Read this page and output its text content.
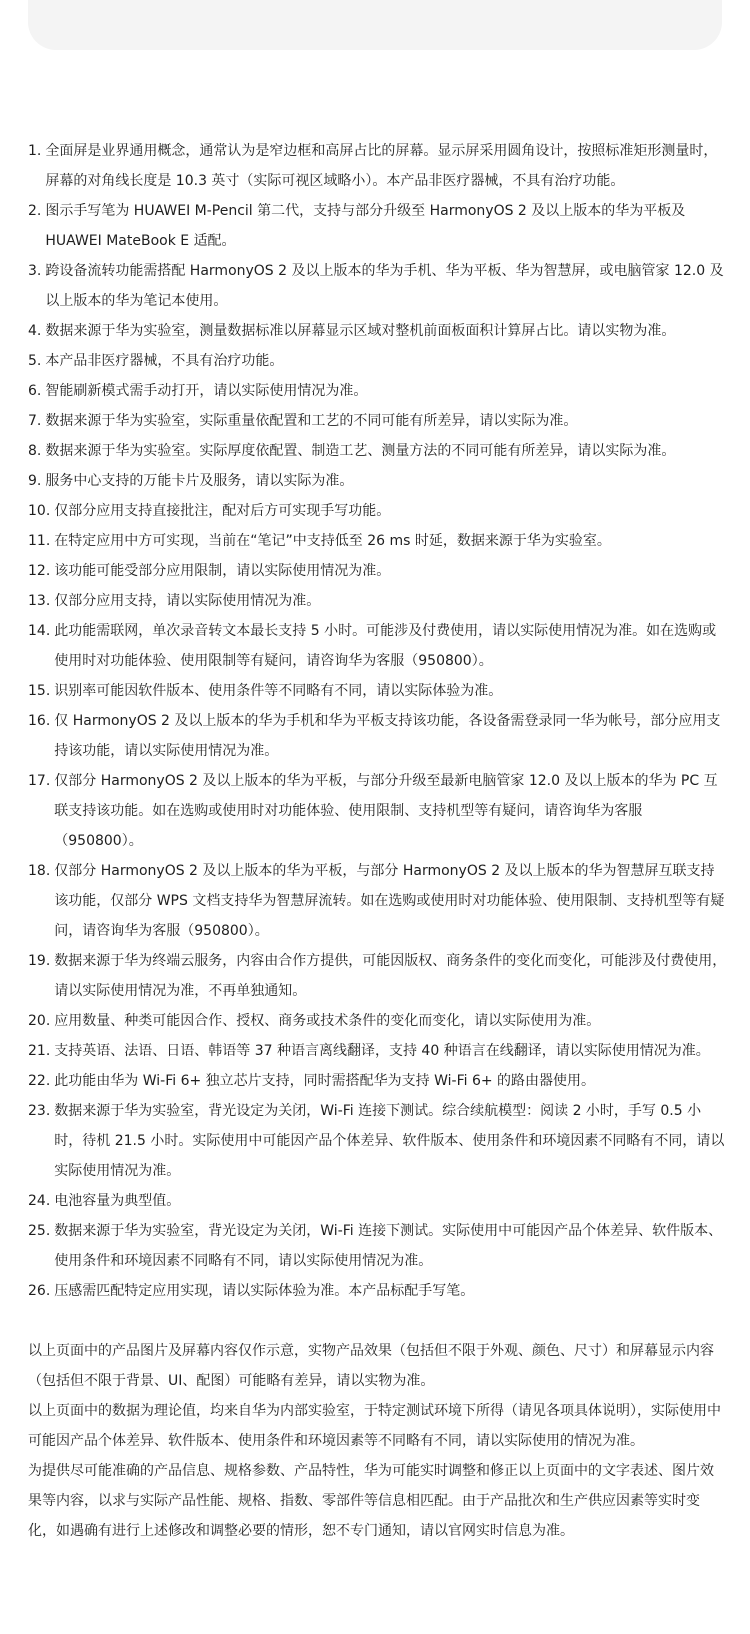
1. 全面屏是业界通用概念，通常认为是窄边框和高屏占比的屏幕。显示屏采用圆角设计，按照标准矩形测量时，屏幕的对角线长度是 10.3 英寸（实际可视区域略小）。本产品非医疗器械，不具有治疗功能。
2. 图示手写笔为 HUAWEI M-Pencil 第二代，支持与部分升级至 HarmonyOS 2 及以上版本的华为平板及 HUAWEI MateBook E 适配。
3. 跨设备流转功能需搭配 HarmonyOS 2 及以上版本的华为手机、华为平板、华为智慧屏，或电脑管家 12.0 及以上版本的华为笔记本使用。
4. 数据来源于华为实验室，测量数据标准以屏幕显示区域对整机前面板面积计算屏占比。请以实物为准。
5. 本产品非医疗器械，不具有治疗功能。
6. 智能刷新模式需手动打开，请以实际使用情况为准。
7. 数据来源于华为实验室，实际重量依配置和工艺的不同可能有所差异，请以实际为准。
8. 数据来源于华为实验室。实际厚度依配置、制造工艺、测量方法的不同可能有所差异，请以实际为准。
9. 服务中心支持的万能卡片及服务，请以实际为准。
10. 仅部分应用支持直接批注，配对后方可实现手写功能。
11. 在特定应用中方可实现，当前在“笔记”中支持低至 26 ms 时延，数据来源于华为实验室。
12. 该功能可能受部分应用限制，请以实际使用情况为准。
13. 仅部分应用支持，请以实际使用情况为准。
14. 此功能需联网，单次录音转文本最长支持 5 小时。可能涉及付费使用，请以实际使用情况为准。如在选购或使用时对功能体验、使用限制等有疑问，请咨询华为客服（950800）。
15. 识别率可能因软件版本、使用条件等不同略有不同，请以实际体验为准。
16. 仅 HarmonyOS 2 及以上版本的华为手机和华为平板支持该功能，各设备需登录同一华为帐号，部分应用支持该功能，请以实际使用情况为准。
17. 仅部分 HarmonyOS 2 及以上版本的华为平板，与部分升级至最新电脑管家 12.0 及以上版本的华为 PC 互联支持该功能。如在选购或使用时对功能体验、使用限制、支持机型等有疑问，请咨询华为客服（950800）。
18. 仅部分 HarmonyOS 2 及以上版本的华为平板，与部分 HarmonyOS 2 及以上版本的华为智慧屏互联支持该功能，仅部分 WPS 文档支持华为智慧屏流转。如在选购或使用时对功能体验、使用限制、支持机型等有疑问，请咨询华为客服（950800）。
19. 数据来源于华为终端云服务，内容由合作方提供，可能因版权、商务条件的变化而变化，可能涉及付费使用，请以实际使用情况为准，不再单独通知。
20. 应用数量、种类可能因合作、授权、商务或技术条件的变化而变化，请以实际使用为准。
21. 支持英语、法语、日语、韩语等 37 种语言离线翻译，支持 40 种语言在线翻译，请以实际使用情况为准。
22. 此功能由华为 Wi-Fi 6+ 独立芯片支持，同时需搭配华为支持 Wi-Fi 6+ 的路由器使用。
23. 数据来源于华为实验室，背光设定为关闭，Wi-Fi 连接下测试。综合续航模型：阅读 2 小时，手写 0.5 小时，待机 21.5 小时。实际使用中可能因产品个体差异、软件版本、使用条件和环境因素不同略有不同，请以实际使用情况为准。
24. 电池容量为典型值。
25. 数据来源于华为实验室，背光设定为关闭，Wi-Fi 连接下测试。实际使用中可能因产品个体差异、软件版本、使用条件和环境因素不同略有不同，请以实际使用情况为准。
26. 压感需匹配特定应用实现，请以实际体验为准。本产品标配手写笔。

以上页面中的产品图片及屏幕内容仅作示意，实物产品效果（包括但不限于外观、颜色、尺寸）和屏幕显示内容（包括但不限于背景、UI、配图）可能略有差异，请以实物为准。

以上页面中的数据为理论值，均来自华为内部实验室，于特定测试环境下所得（请见各项具体说明），实际使用中可能因产品个体差异、软件版本、使用条件和环境因素等不同略有不同，请以实际使用的情况为准。

为提供尽可能准确的产品信息、规格参数、产品特性，华为可能实时调整和修正以上页面中的文字表述、图片效果等内容，以求与实际产品性能、规格、指数、零部件等信息相匹配。由于产品批次和生产供应因素等实时变化，如遇确有进行上述修改和调整必要的情形，恕不专门通知，请以官网实时信息为准。
